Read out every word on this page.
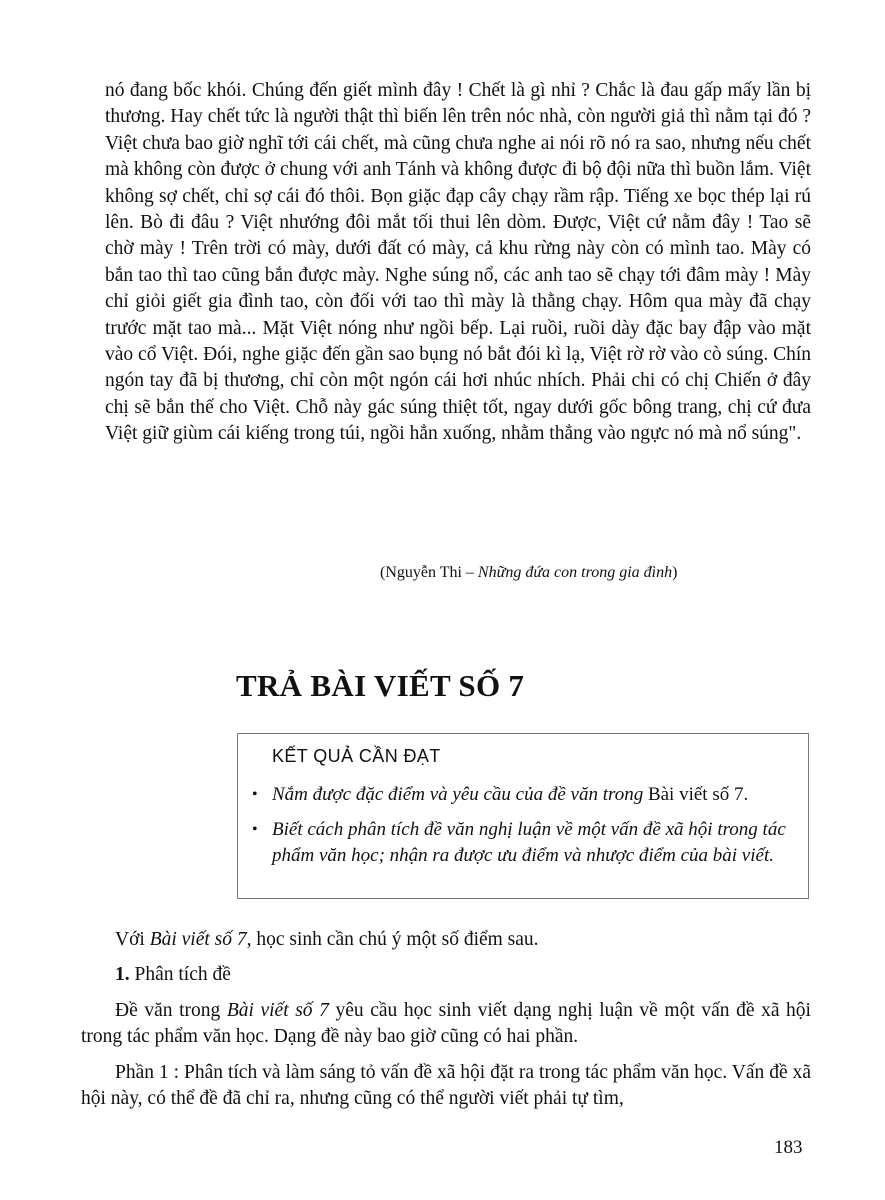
nó đang bốc khói. Chúng đến giết mình đây ! Chết là gì nhỉ ? Chắc là đau gấp mấy lần bị thương. Hay chết tức là người thật thì biến lên trên nóc nhà, còn người giả thì nằm tại đó ? Việt chưa bao giờ nghĩ tới cái chết, mà cũng chưa nghe ai nói rõ nó ra sao, nhưng nếu chết mà không còn được ở chung với anh Tánh và không được đi bộ đội nữa thì buồn lắm. Việt không sợ chết, chỉ sợ cái đó thôi. Bọn giặc đạp cây chạy rầm rập. Tiếng xe bọc thép lại rú lên. Bò đi đâu ? Việt nhướng đôi mắt tối thui lên dòm. Được, Việt cứ nằm đây ! Tao sẽ chờ mày ! Trên trời có mày, dưới đất có mày, cả khu rừng này còn có mình tao. Mày có bắn tao thì tao cũng bắn được mày. Nghe súng nổ, các anh tao sẽ chạy tới đâm mày ! Mày chỉ giỏi giết gia đình tao, còn đối với tao thì mày là thằng chạy. Hôm qua mày đã chạy trước mặt tao mà... Mặt Việt nóng như ngồi bếp. Lại ruồi, ruồi dày đặc bay đập vào mặt vào cổ Việt. Đói, nghe giặc đến gần sao bụng nó bắt đói kì lạ, Việt rờ rờ vào cò súng. Chín ngón tay đã bị thương, chỉ còn một ngón cái hơi nhúc nhích. Phải chi có chị Chiến ở đây chị sẽ bắn thế cho Việt. Chỗ này gác súng thiệt tốt, ngay dưới gốc bông trang, chị cứ đưa Việt giữ giùm cái kiếng trong túi, ngồi hẳn xuống, nhằm thẳng vào ngực nó mà nổ súng".
(Nguyễn Thi – Những đứa con trong gia đình)
TRẢ BÀI VIẾT SỐ 7
KẾT QUẢ CẦN ĐẠT
• Nắm được đặc điểm và yêu cầu của đề văn trong Bài viết số 7.
• Biết cách phân tích đề văn nghị luận về một vấn đề xã hội trong tác phẩm văn học; nhận ra được ưu điểm và nhược điểm của bài viết.

Với Bài viết số 7, học sinh cần chú ý một số điểm sau.

1. Phân tích đề

Đề văn trong Bài viết số 7 yêu cầu học sinh viết dạng nghị luận về một vấn đề xã hội trong tác phẩm văn học. Dạng đề này bao giờ cũng có hai phần.

Phần 1 : Phân tích và làm sáng tỏ vấn đề xã hội đặt ra trong tác phẩm văn học. Vấn đề xã hội này, có thể đề đã chỉ ra, nhưng cũng có thể người viết phải tự tìm,

183
